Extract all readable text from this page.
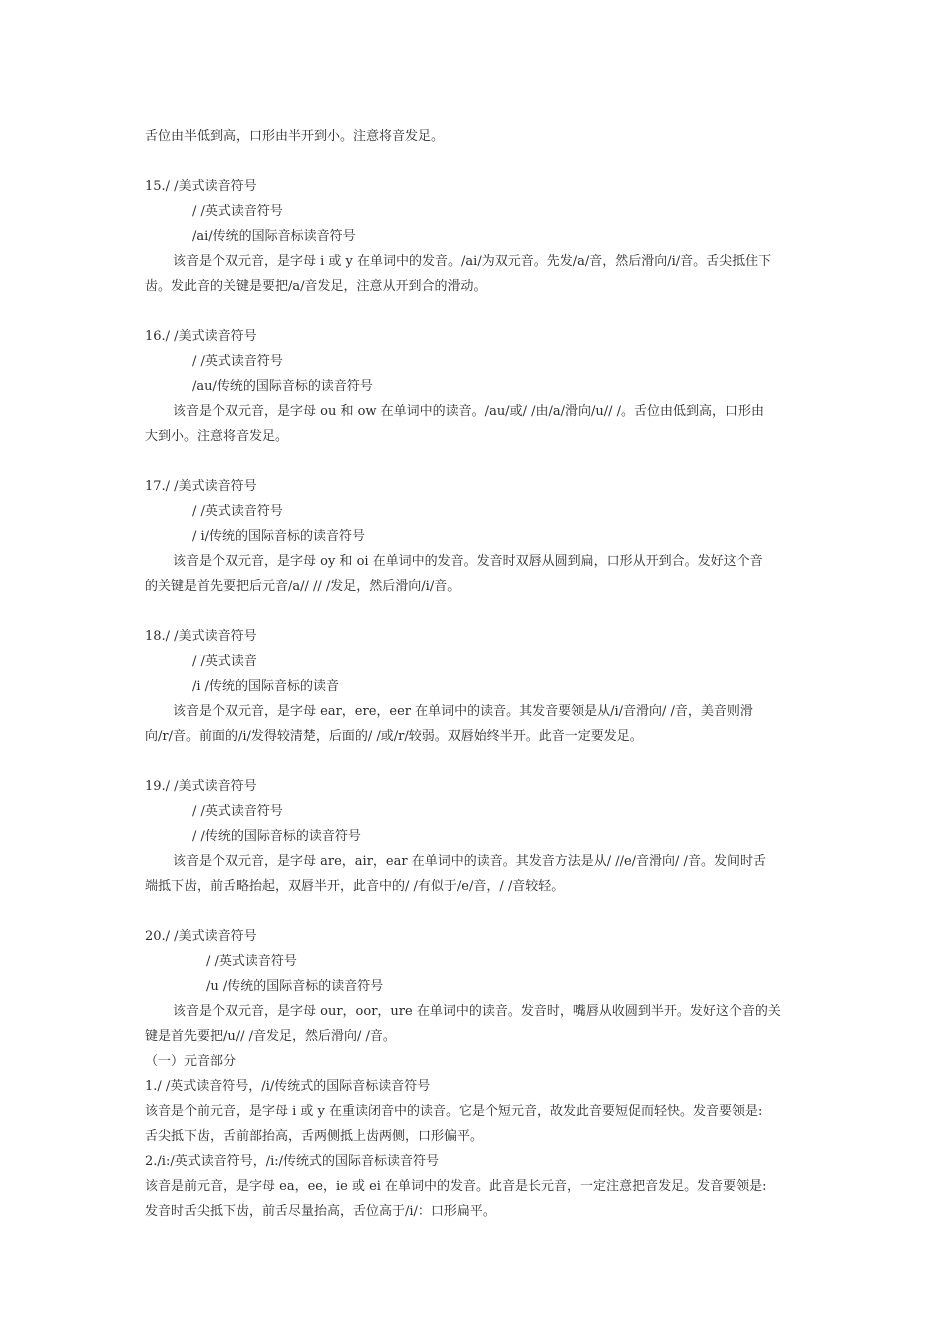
舌位由半低到高，口形由半开到小。注意将音发足。
15./ /美式读音符号
/ /英式读音符号
/ai/传统的国际音标读音符号
该音是个双元音，是字母 i 或 y 在单词中的发音。/ai/为双元音。先发/a/音，然后滑向/i/音。舌尖抵住下
齿。发此音的关键是要把/a/音发足，注意从开到合的滑动。
16./ /美式读音符号
/ /英式读音符号
/au/传统的国际音标的读音符号
该音是个双元音，是字母 ou 和 ow 在单词中的读音。/au/或/ /由/a/滑向/u// /。舌位由低到高，口形由
大到小。注意将音发足。
17./ /美式读音符号
/ /英式读音符号
/ i/传统的国际音标的读音符号
该音是个双元音，是字母 oy 和 oi 在单词中的发音。发音时双唇从圆到扁，口形从开到合。发好这个音
的关键是首先要把后元音/a// // /发足，然后滑向/i/音。
18./ /美式读音符号
/ /英式读音
/i /传统的国际音标的读音
该音是个双元音，是字母 ear，ere，eer 在单词中的读音。其发音要领是从/i/音滑向/ /音，美音则滑
向/r/音。前面的/i/发得较清楚，后面的/ /或/r/较弱。双唇始终半开。此音一定要发足。
19./ /美式读音符号
/ /英式读音符号
/ /传统的国际音标的读音符号
该音是个双元音，是字母 are，air，ear 在单词中的读音。其发音方法是从/ //e/音滑向/ /音。发间时舌
端抵下齿，前舌略抬起，双唇半开，此音中的/ /有似于/e/音，/ /音较轻。
20./ /美式读音符号
/ /英式读音符号
/u /传统的国际音标的读音符号
该音是个双元音，是字母 our，oor，ure 在单词中的读音。发音时，嘴唇从收圆到半开。发好这个音的关
键是首先要把/u// /音发足，然后滑向/ /音。
（一）元音部分
1./ /英式读音符号，/i/传统式的国际音标读音符号
该音是个前元音，是字母 i 或 y 在重读闭音中的读音。它是个短元音，故发此音要短促而轻快。发音要领是:
舌尖抵下齿，舌前部抬高，舌两侧抵上齿两侧，口形偏平。
2./i:/英式读音符号，/i:/传统式的国际音标读音符号
该音是前元音，是字母 ea，ee，ie 或 ei 在单词中的发音。此音是长元音，一定注意把音发足。发音要领是:
发音时舌尖抵下齿，前舌尽量抬高，舌位高于/i/：口形扁平。
